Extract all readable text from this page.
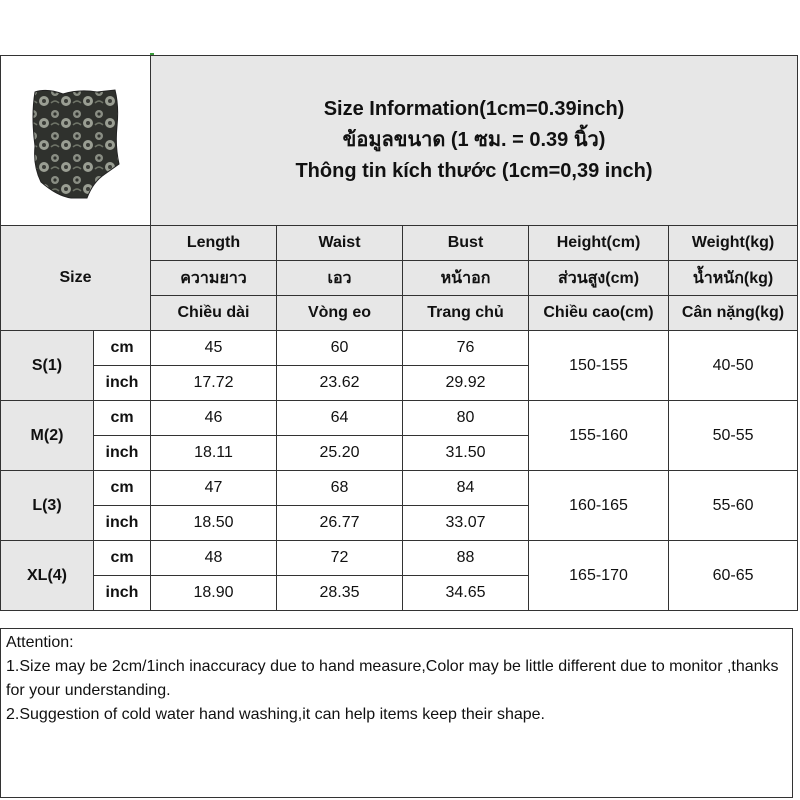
Size Information(1cm=0.39inch)
ข้อมูลขนาด (1 ซม. = 0.39 นิ้ว)
Thông tin kích thước (1cm=0,39 inch)				

Size		Length	Waist	Bust	Height(cm)	Weight(kg)
		ความยาว	เอว	หน้าอก	ส่วนสูง(cm)	น้ำหนัก(kg)
		Chiều dài	Vòng eo	Trang chủ	Chiều cao(cm)	Cân nặng(kg)
S(1)	cm	45	60	76	150-155	40-50
	inch	17.72	23.62	29.92		
M(2)	cm	46	64	80	155-160	50-55
	inch	18.11	25.20	31.50		
L(3)	cm	47	68	84	160-165	55-60
	inch	18.50	26.77	33.07		
XL(4)	cm	48	72	88	165-170	60-65
	inch	18.90	28.35	34.65		

Attention:

1.Size may be 2cm/1inch inaccuracy due to hand measure,Color may be little different due to monitor ,thanks for your understanding.

2.Suggestion of cold water hand washing,it can help items keep their shape.
